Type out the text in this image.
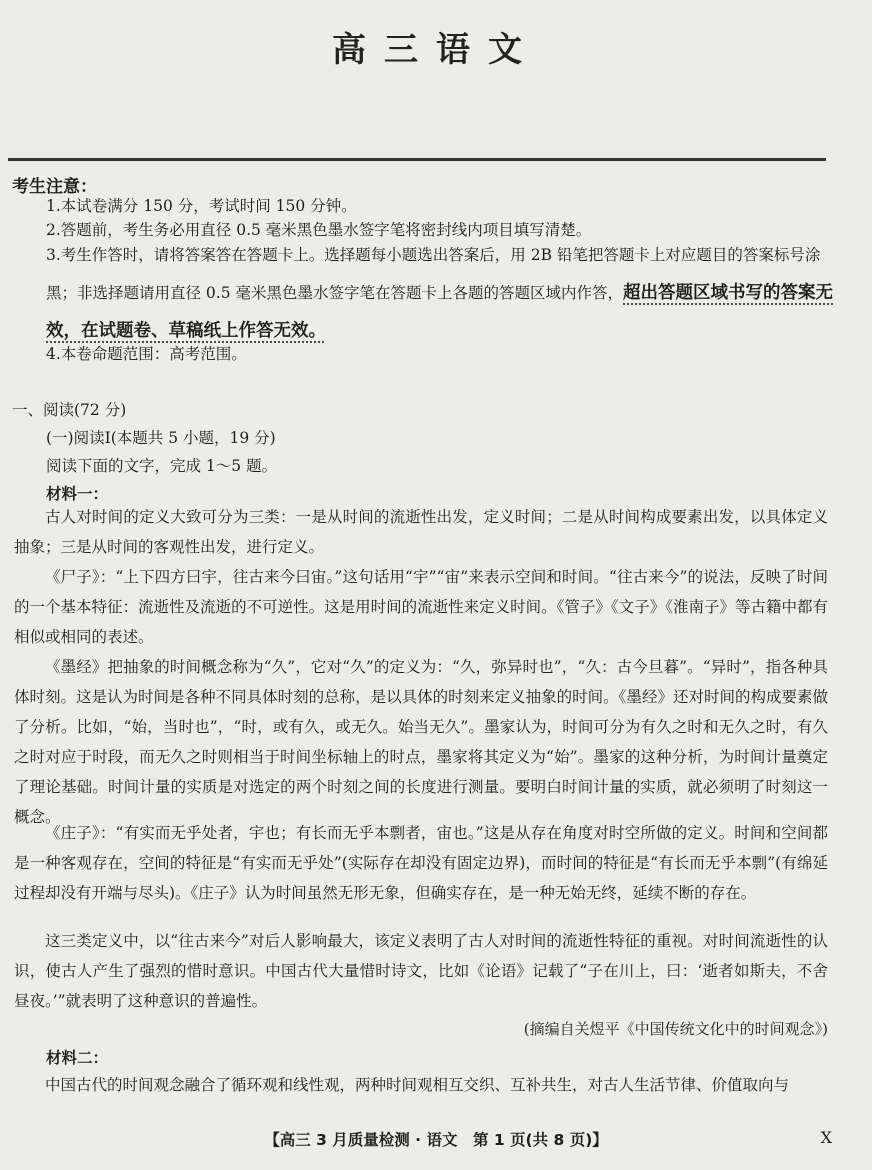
高三语文
考生注意：
1.本试卷满分 150 分，考试时间 150 分钟。
2.答题前，考生务必用直径 0.5 毫米黑色墨水签字笔将密封线内项目填写清楚。
3.考生作答时，请将答案答在答题卡上。选择题每小题选出答案后，用 2B 铅笔把答题卡上对应题目的答案标号涂黑；非选择题请用直径 0.5 毫米黑色墨水签字笔在答题卡上各题的答题区域内作答，超出答题区域书写的答案无效，在试题卷、草稿纸上作答无效。
4.本卷命题范围：高考范围。
一、阅读(72 分)
(一)阅读Ⅰ(本题共 5 小题，19 分)
阅读下面的文字，完成 1～5 题。
材料一：
古人对时间的定义大致可分为三类：一是从时间的流逝性出发，定义时间；二是从时间构成要素出发，以具体定义抽象；三是从时间的客观性出发，进行定义。
《尸子》：“上下四方曰宇，往古来今曰宙。”这句话用“宇”“宙”来表示空间和时间。“往古来今”的说法，反映了时间的一个基本特征：流逝性及流逝的不可逆性。这是用时间的流逝性来定义时间。《管子》《文子》《淮南子》等古籍中都有相似或相同的表述。
《墨经》把抽象的时间概念称为“久”，它对“久”的定义为：“久，弥异时也”，“久：古今旦暮”。“异时”，指各种具体时刻。这是认为时间是各种不同具体时刻的总称，是以具体的时刻来定义抽象的时间。《墨经》还对时间的构成要素做了分析。比如，“始，当时也”，“时，或有久，或无久。始当无久”。墨家认为，时间可分为有久之时和无久之时，有久之时对应于时段，而无久之时则相当于时间坐标轴上的时点，墨家将其定义为“始”。墨家的这种分析，为时间计量奠定了理论基础。时间计量的实质是对选定的两个时刻之间的长度进行测量。要明白时间计量的实质，就必须明了时刻这一概念。
《庄子》：“有实而无乎处者，宇也；有长而无乎本剽者，宙也。”这是从存在角度对时空所做的定义。时间和空间都是一种客观存在，空间的特征是“有实而无乎处”(实际存在却没有固定边界)，而时间的特征是“有长而无乎本剽”(有绵延过程却没有开端与尽头)。《庄子》认为时间虽然无形无象，但确实存在，是一种无始无终，延续不断的存在。
这三类定义中，以“往古来今”对后人影响最大，该定义表明了古人对时间的流逝性特征的重视。对时间流逝性的认识，使古人产生了强烈的惜时意识。中国古代大量惜时诗文，比如《论语》记载了“子在川上，曰：‘逝者如斯夫，不舍昼夜。’”就表明了这种意识的普遍性。
(摘编自关煜平《中国传统文化中的时间观念》)
材料二：
中国古代的时间观念融合了循环观和线性观，两种时间观相互交织、互补共生，对古人生活节律、价值取向与
【高三 3 月质量检测 · 语文　第 1 页(共 8 页)】	X
